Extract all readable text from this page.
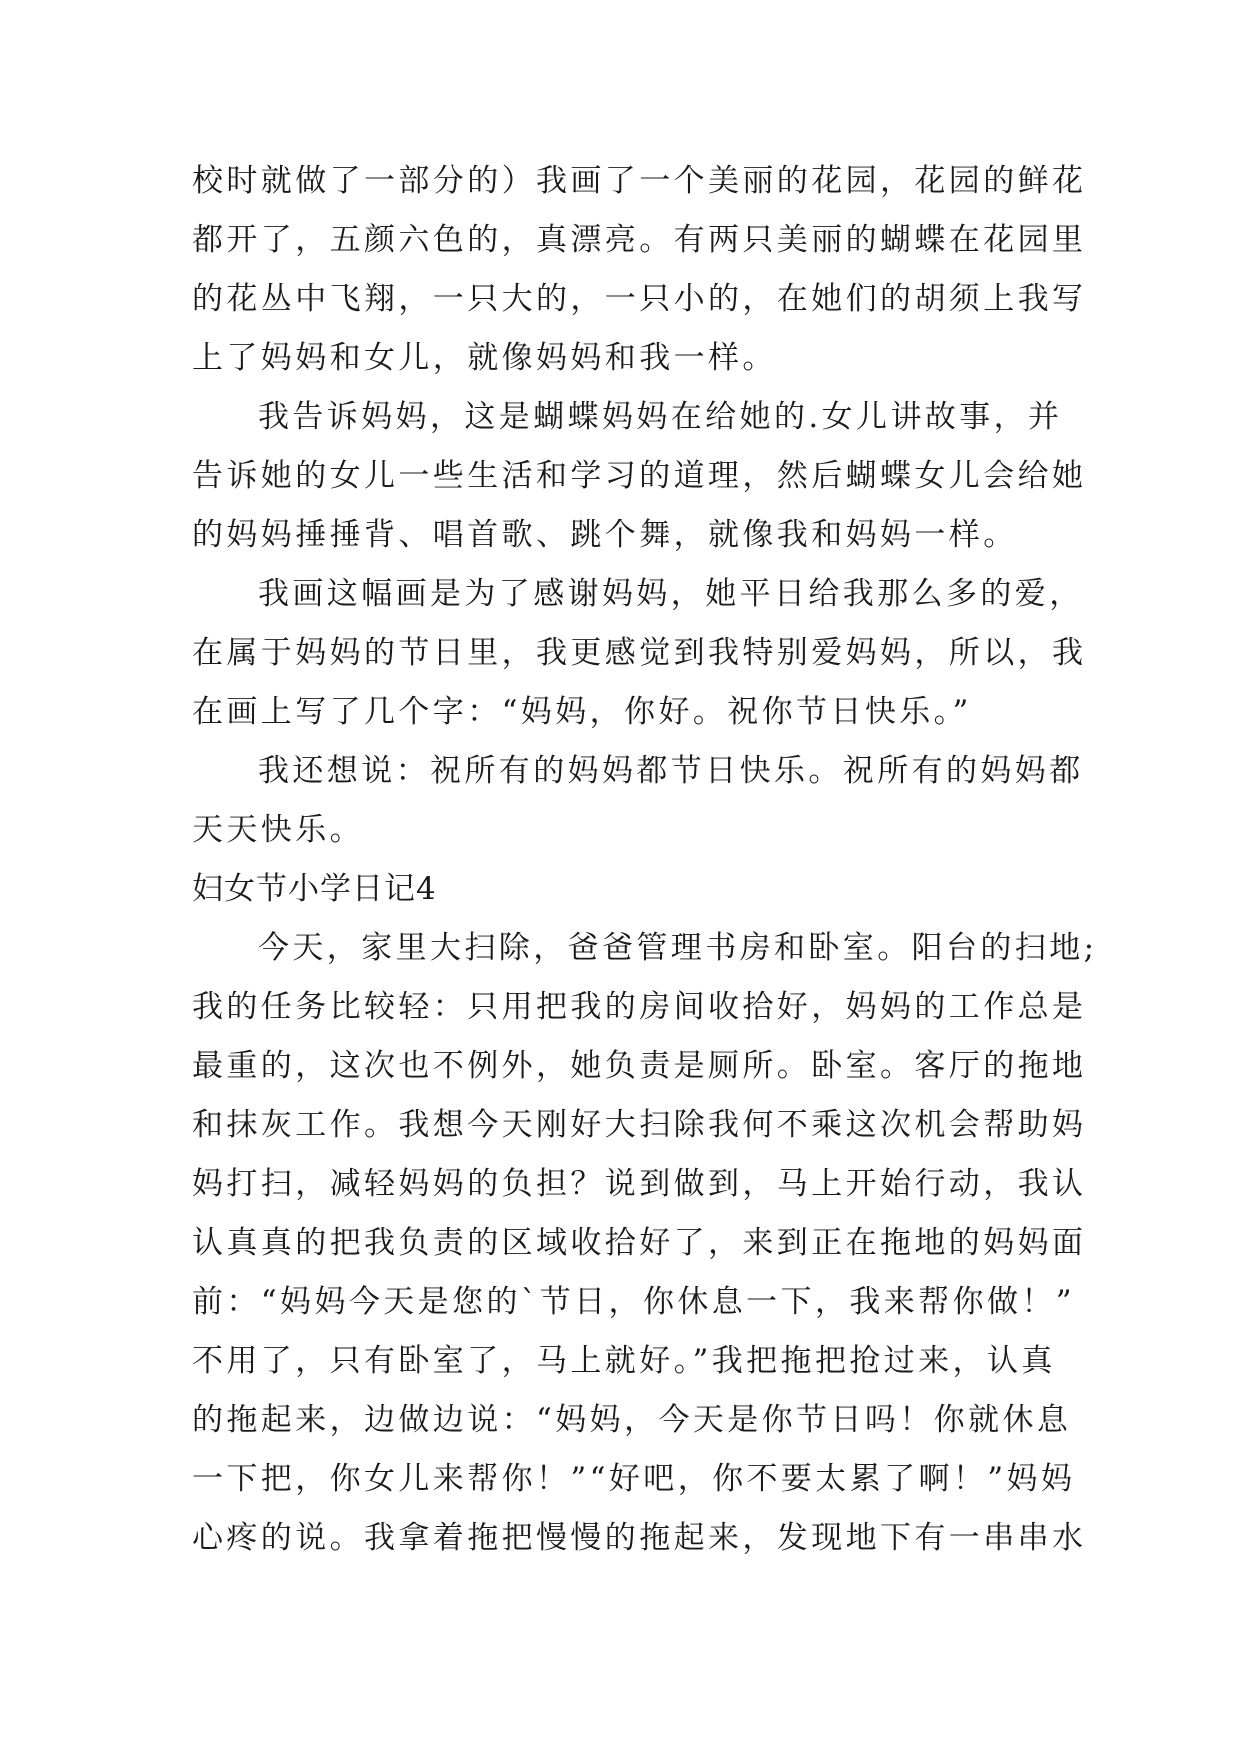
校时就做了一部分的）我画了一个美丽的花园，花园的鲜花
都开了，五颜六色的，真漂亮。有两只美丽的蝴蝶在花园里
的花丛中飞翔，一只大的，一只小的，在她们的胡须上我写
上了妈妈和女儿，就像妈妈和我一样。
我告诉妈妈，这是蝴蝶妈妈在给她的.女儿讲故事，并
告诉她的女儿一些生活和学习的道理，然后蝴蝶女儿会给她
的妈妈捶捶背、唱首歌、跳个舞，就像我和妈妈一样。
我画这幅画是为了感谢妈妈，她平日给我那么多的爱，
在属于妈妈的节日里，我更感觉到我特别爱妈妈，所以，我
在画上写了几个字：“妈妈，你好。祝你节日快乐。”
我还想说：祝所有的妈妈都节日快乐。祝所有的妈妈都
天天快乐。
妇女节小学日记4
今天，家里大扫除，爸爸管理书房和卧室。阳台的扫地;
我的任务比较轻：只用把我的房间收拾好，妈妈的工作总是
最重的，这次也不例外，她负责是厕所。卧室。客厅的拖地
和抹灰工作。我想今天刚好大扫除我何不乘这次机会帮助妈
妈打扫，减轻妈妈的负担？说到做到，马上开始行动，我认
认真真的把我负责的区域收拾好了，来到正在拖地的妈妈面
前：“妈妈今天是您的`节日，你休息一下，我来帮你做！”
不用了，只有卧室了，马上就好。”我把拖把抢过来，认真
的拖起来，边做边说：“妈妈，今天是你节日吗！你就休息
一下把，你女儿来帮你！”“好吧，你不要太累了啊！”妈妈
心疼的说。我拿着拖把慢慢的拖起来，发现地下有一串串水
